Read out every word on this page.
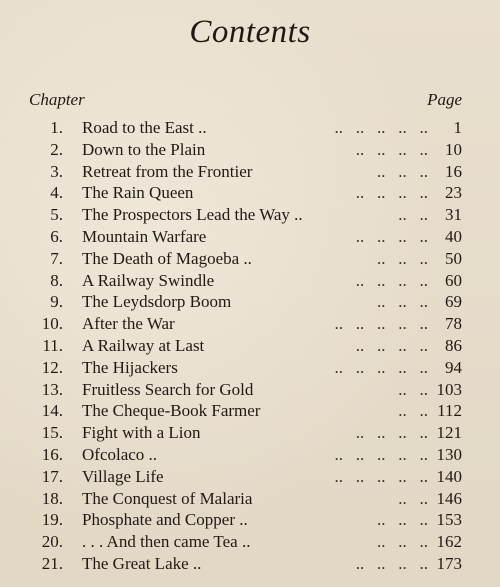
Contents
Chapter	Page
1. Road to the East ..	..   ..   ..   ..   .. 1
2. Down to the Plain	..   ..   ..   .. 10
3. Retreat from the Frontier	..   ..   .. 16
4. The Rain Queen	..   ..   ..   .. 23
5. The Prospectors Lead the Way ..	..   .. 31
6. Mountain Warfare	..   ..   ..   .. 40
7. The Death of Magoeba ..	..   ..   .. 50
8. A Railway Swindle	..   ..   ..   .. 60
9. The Leydsdorp Boom	..   ..   .. 69
10. After the War	..   ..   ..   ..   .. 78
11. A Railway at Last	..   ..   ..   .. 86
12. The Hijackers	..   ..   ..   ..   .. 94
13. Fruitless Search for Gold	..   .. 103
14. The Cheque-Book Farmer	..   .. 112
15. Fight with a Lion	..   ..   ..   .. 121
16. Ofcolaco ..	..   ..   ..   ..   .. 130
17. Village Life	..   ..   ..   ..   .. 140
18. The Conquest of Malaria	..   .. 146
19. Phosphate and Copper ..	..   ..   .. 153
20. . . . And then came Tea ..	..   ..   .. 162
21. The Great Lake ..	..   ..   ..   .. 173
